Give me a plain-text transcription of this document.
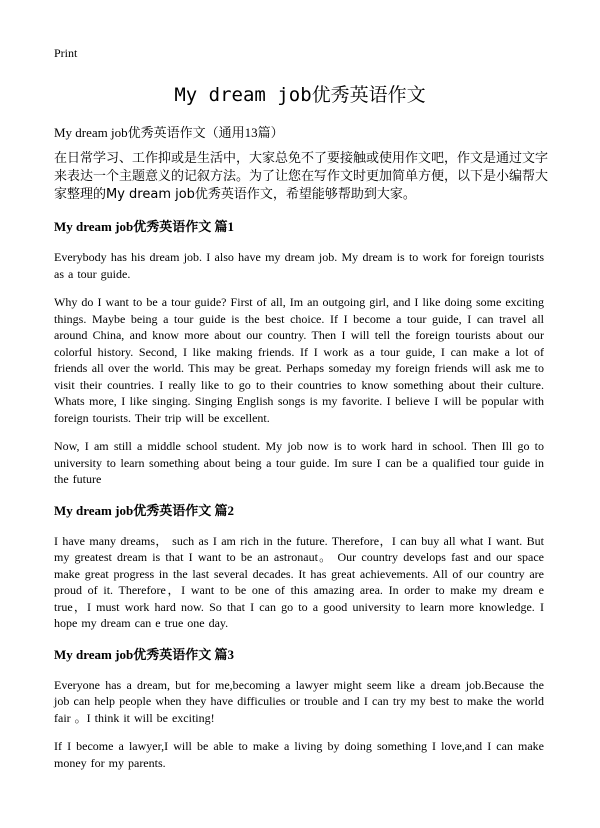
Print
My dream job优秀英语作文
My dream job优秀英语作文（通用13篇）
在日常学习、工作抑或是生活中，大家总免不了要接触或使用作文吧，作文是通过文字来表达一个主题意义的记叙方法。为了让您在写作文时更加简单方便，以下是小编帮大家整理的My dream job优秀英语作文，希望能够帮助到大家。
My dream job优秀英语作文 篇1

Everybody has his dream job. I also have my dream job. My dream is to work for foreign tourists as a tour guide.

Why do I want to be a tour guide? First of all, Im an outgoing girl, and I like doing some exciting things. Maybe being a tour guide is the best choice. If I become a tour guide, I can travel all around China, and know more about our country. Then I will tell the foreign tourists about our colorful history. Second, I like making friends. If I work as a tour guide, I can make a lot of friends all over the world. This may be great. Perhaps someday my foreign friends will ask me to visit their countries. I really like to go to their countries to know something about their culture. Whats more, I like singing. Singing English songs is my favorite. I believe I will be popular with foreign tourists. Their trip will be excellent.

Now, I am still a middle school student. My job now is to work hard in school. Then Ill go to university to learn something about being a tour guide. Im sure I can be a qualified tour guide in the future

My dream job优秀英语作文 篇2

I have many dreams， such as I am rich in the future. Therefore，I can buy all what I want. But my greatest dream is that I want to be an astronaut。 Our country develops fast and our space make great progress in the last several decades. It has great achievements. All of our country are proud of it. Therefore，I want to be one of this amazing area. In order to make my dream e true，I must work hard now. So that I can go to a good university to learn more knowledge. I hope my dream can e true one day.

My dream job优秀英语作文 篇3

Everyone has a dream, but for me,becoming a lawyer might seem like a dream job.Because the job can help people when they have difficulies or trouble and I can try my best to make the world fair 。I think it will be exciting!

If I become a lawyer,I will be able to make a living by doing something I love,and I can make money for my parents.
